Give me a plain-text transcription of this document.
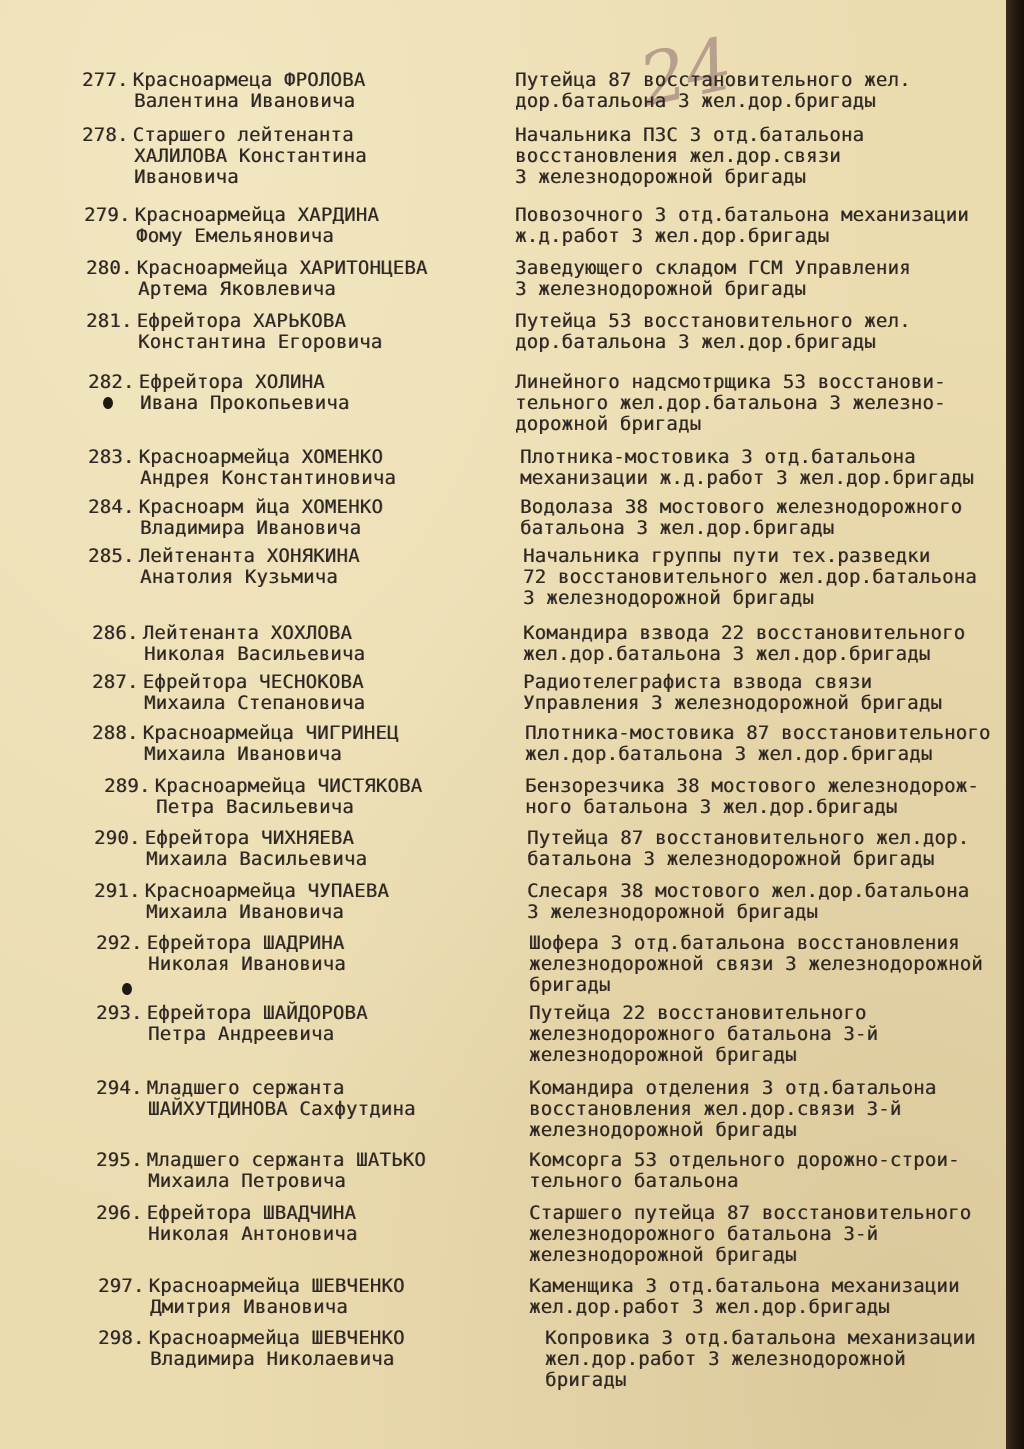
24
277. Красноармеца ФРОЛОВА
Валентина Ивановича
Путейца 87 восстановительного жел.
дор.батальона 3 жел.дор.бригады
278. Старшего лейтенанта
ХАЛИЛОВА Константина
Ивановича
Начальника ПЗС 3 отд.батальона
восстановления жел.дор.связи
3 железнодорожной бригады
279. Красноармейца ХАРДИНА
Фому Емельяновича
Повозочного 3 отд.батальона механизации
ж.д.работ 3 жел.дор.бригады
280. Красноармейца ХАРИТОНЦЕВА
Артема Яковлевича
Заведующего складом ГСМ Управления
3 железнодорожной бригады
281. Ефрейтора ХАРЬКОВА
Константина Егоровича
Путейца 53 восстановительного жел.
дор.батальона 3 жел.дор.бригады
282. Ефрейтора ХОЛИНА
Ивана Прокопьевича
Линейного надсмотрщика 53 восстанови-
тельного жел.дор.батальона 3 железно-
дорожной бригады
283. Красноармейца ХОМЕНКО
Андрея Константиновича
Плотника-мостовика 3 отд.батальона
механизации ж.д.работ 3 жел.дор.бригады
284. Красноарм йца ХОМЕНКО
Владимира Ивановича
Водолаза 38 мостового железнодорожного
батальона 3 жел.дор.бригады
285. Лейтенанта ХОНЯКИНА
Анатолия Кузьмича
Начальника группы пути тех.разведки
72 восстановительного жел.дор.батальона
3 железнодорожной бригады
286. Лейтенанта ХОХЛОВА
Николая Васильевича
Командира взвода 22 восстановительного
жел.дор.батальона 3 жел.дор.бригады
287. Ефрейтора ЧЕСНОКОВА
Михаила Степановича
Радиотелеграфиста взвода связи
Управления 3 железнодорожной бригады
288. Красноармейца ЧИГРИНЕЦ
Михаила Ивановича
Плотника-мостовика 87 восстановительного
жел.дор.батальона 3 жел.дор.бригады
289. Красноармейца ЧИСТЯКОВА
Петра Васильевича
Бензорезчика 38 мостового железнодорож-
ного батальона 3 жел.дор.бригады
290. Ефрейтора ЧИХНЯЕВА
Михаила Васильевича
Путейца 87 восстановительного жел.дор.
батальона 3 железнодорожной бригады
291. Красноармейца ЧУПАЕВА
Михаила Ивановича
Слесаря 38 мостового жел.дор.батальона
3 железнодорожной бригады
292. Ефрейтора ШАДРИНА
Николая Ивановича
Шофера 3 отд.батальона восстановления
железнодорожной связи 3 железнодорожной
бригады
293. Ефрейтора ШАЙДОРОВА
Петра Андреевича
Путейца 22 восстановительного
железнодорожного батальона 3-й
железнодорожной бригады
294. Младшего сержанта
ШАЙХУТДИНОВА Сахфутдина
Командира отделения 3 отд.батальона
восстановления жел.дор.связи 3-й
железнодорожной бригады
295. Младшего сержанта ШАТЬКО
Михаила Петровича
Комсорга 53 отдельного дорожно-строи-
тельного батальона
296. Ефрейтора ШВАДЧИНА
Николая Антоновича
Старшего путейца 87 восстановительного
железнодорожного батальона 3-й
железнодорожной бригады
297. Красноармейца ШЕВЧЕНКО
Дмитрия Ивановича
Каменщика 3 отд.батальона механизации
жел.дор.работ 3 жел.дор.бригады
298. Красноармейца ШЕВЧЕНКО
Владимира Николаевича
Копровика 3 отд.батальона механизации
жел.дор.работ 3 железнодорожной
бригады
